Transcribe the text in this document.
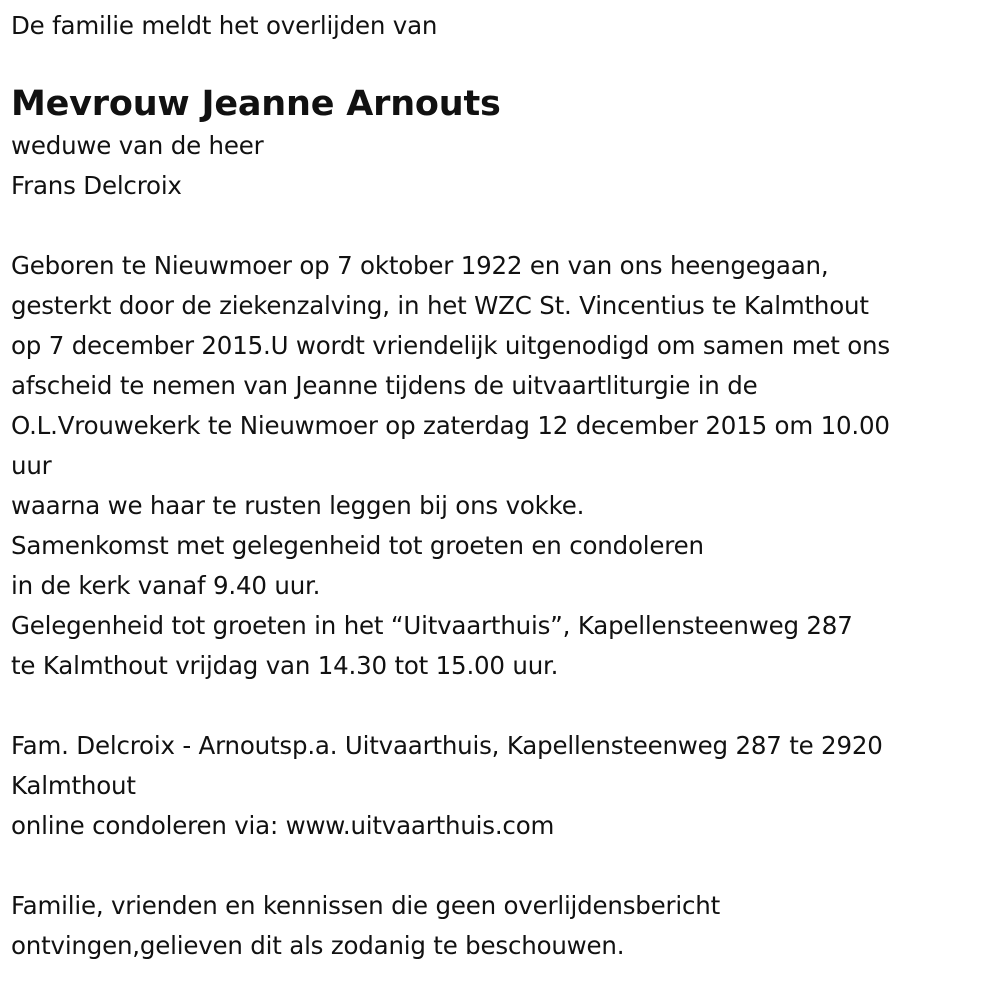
De familie meldt het overlijden van
Mevrouw Jeanne Arnouts
weduwe van de heer
Frans Delcroix
Geboren te Nieuwmoer op 7 oktober 1922 en van ons heengegaan,
gesterkt door de ziekenzalving, in het WZC St. Vincentius te Kalmthout
op 7 december 2015.U wordt vriendelijk uitgenodigd om samen met ons
afscheid te nemen van Jeanne tijdens de uitvaartliturgie in de
O.L.Vrouwekerk te Nieuwmoer op zaterdag 12 december 2015 om 10.00
uur
waarna we haar te rusten leggen bij ons vokke.
Samenkomst met gelegenheid tot groeten en condoleren
in de kerk vanaf 9.40 uur.
Gelegenheid tot groeten in het “Uitvaarthuis”, Kapellensteenweg 287
te Kalmthout vrijdag van 14.30 tot 15.00 uur.
Fam. Delcroix - Arnoutsp.a. Uitvaarthuis, Kapellensteenweg 287 te 2920
Kalmthout
online condoleren via: www.uitvaarthuis.com
Familie, vrienden en kennissen die geen overlijdensbericht
ontvingen,gelieven dit als zodanig te beschouwen.
